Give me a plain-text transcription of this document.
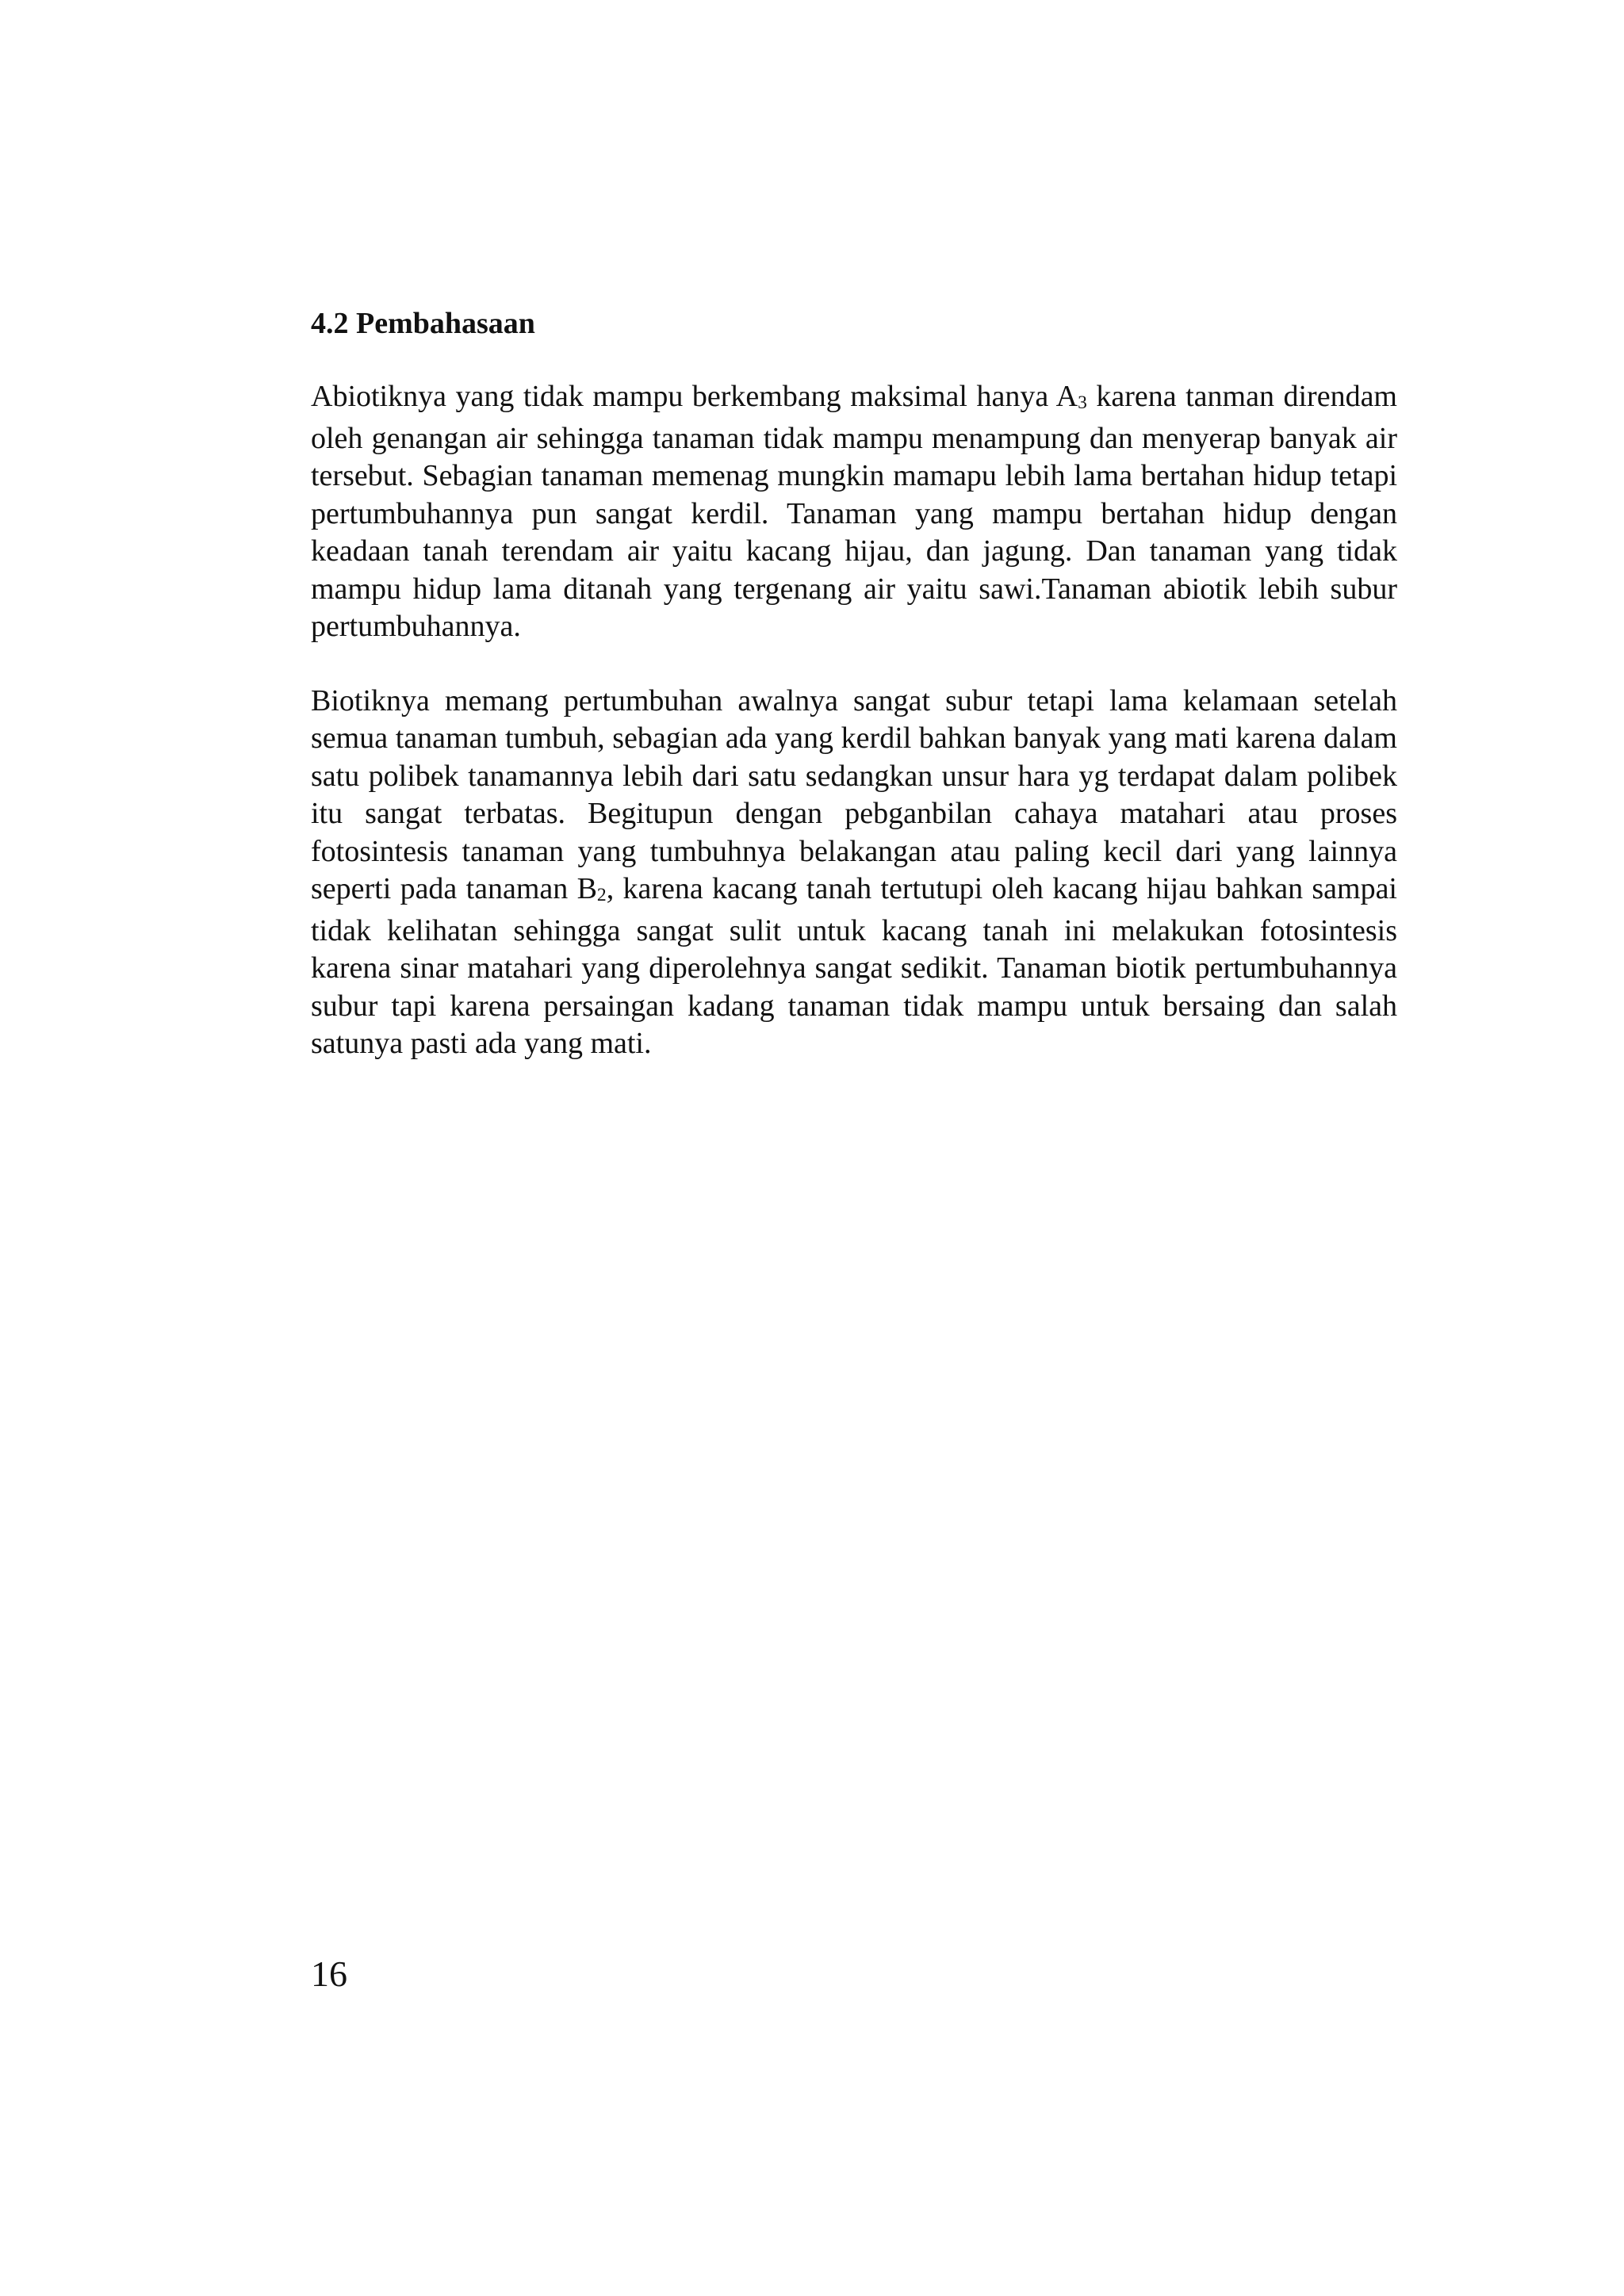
4.2 Pembahasaan

Abiotiknya yang tidak mampu berkembang maksimal hanya $A_3$ karena tanman direndam oleh genangan air sehingga tanaman tidak mampu menampung dan menyerap banyak air tersebut. Sebagian tanaman memenag mungkin mamapu lebih lama bertahan hidup tetapi pertumbuhannya pun sangat kerdil. Tanaman yang mampu bertahan hidup dengan keadaan tanah terendam air yaitu kacang hijau, dan jagung. Dan tanaman yang tidak mampu hidup lama ditanah yang tergenang air yaitu sawi.Tanaman abiotik lebih subur pertumbuhannya.

Biotiknya memang pertumbuhan awalnya sangat subur tetapi lama kelamaan setelah semua tanaman tumbuh, sebagian ada yang kerdil bahkan banyak yang mati karena dalam satu polibek tanamannya lebih dari satu sedangkan unsur hara yg terdapat dalam polibek itu sangat terbatas. Begitupun dengan pebganbilan cahaya matahari atau proses fotosintesis tanaman yang tumbuhnya belakangan atau paling kecil dari yang lainnya seperti pada tanaman $B_2$, karena kacang tanah tertutupi oleh kacang hijau bahkan sampai tidak kelihatan sehingga sangat sulit untuk kacang tanah ini melakukan fotosintesis karena sinar matahari yang diperolehnya sangat sedikit. Tanaman biotik pertumbuhannya subur tapi karena persaingan kadang tanaman tidak mampu untuk bersaing dan salah satunya pasti ada yang mati.

16
